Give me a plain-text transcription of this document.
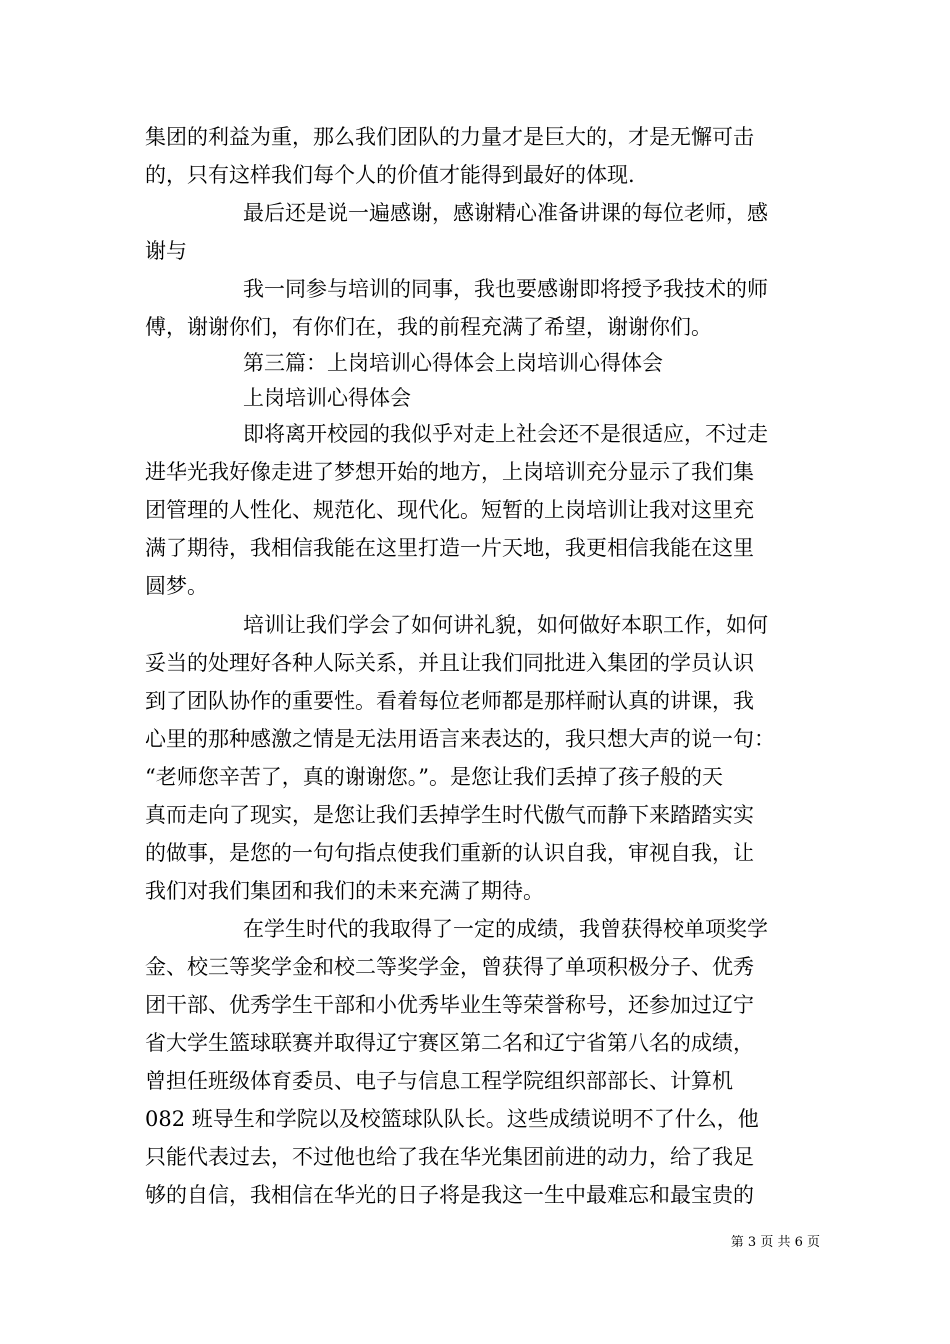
集团的利益为重，那么我们团队的力量才是巨大的，才是无懈可击
的，只有这样我们每个人的价值才能得到最好的体现.
最后还是说一遍感谢，感谢精心准备讲课的每位老师，感
谢与
我一同参与培训的同事，我也要感谢即将授予我技术的师
傅，谢谢你们，有你们在，我的前程充满了希望，谢谢你们。
第三篇：上岗培训心得体会上岗培训心得体会
上岗培训心得体会
即将离开校园的我似乎对走上社会还不是很适应，不过走
进华光我好像走进了梦想开始的地方，上岗培训充分显示了我们集
团管理的人性化、规范化、现代化。短暂的上岗培训让我对这里充
满了期待，我相信我能在这里打造一片天地，我更相信我能在这里
圆梦。
培训让我们学会了如何讲礼貌，如何做好本职工作，如何
妥当的处理好各种人际关系，并且让我们同批进入集团的学员认识
到了团队协作的重要性。看着每位老师都是那样耐认真的讲课，我
心里的那种感激之情是无法用语言来表达的，我只想大声的说一句：
“老师您辛苦了，真的谢谢您。”。是您让我们丢掉了孩子般的天
真而走向了现实，是您让我们丢掉学生时代傲气而静下来踏踏实实
的做事，是您的一句句指点使我们重新的认识自我，审视自我，让
我们对我们集团和我们的未来充满了期待。
在学生时代的我取得了一定的成绩，我曾获得校单项奖学
金、校三等奖学金和校二等奖学金，曾获得了单项积极分子、优秀
团干部、优秀学生干部和小优秀毕业生等荣誉称号，还参加过辽宁
省大学生篮球联赛并取得辽宁赛区第二名和辽宁省第八名的成绩，
曾担任班级体育委员、电子与信息工程学院组织部部长、计算机
082 班导生和学院以及校篮球队队长。这些成绩说明不了什么，他
只能代表过去，不过他也给了我在华光集团前进的动力，给了我足
够的自信，我相信在华光的日子将是我这一生中最难忘和最宝贵的
第 3 页 共 6 页
